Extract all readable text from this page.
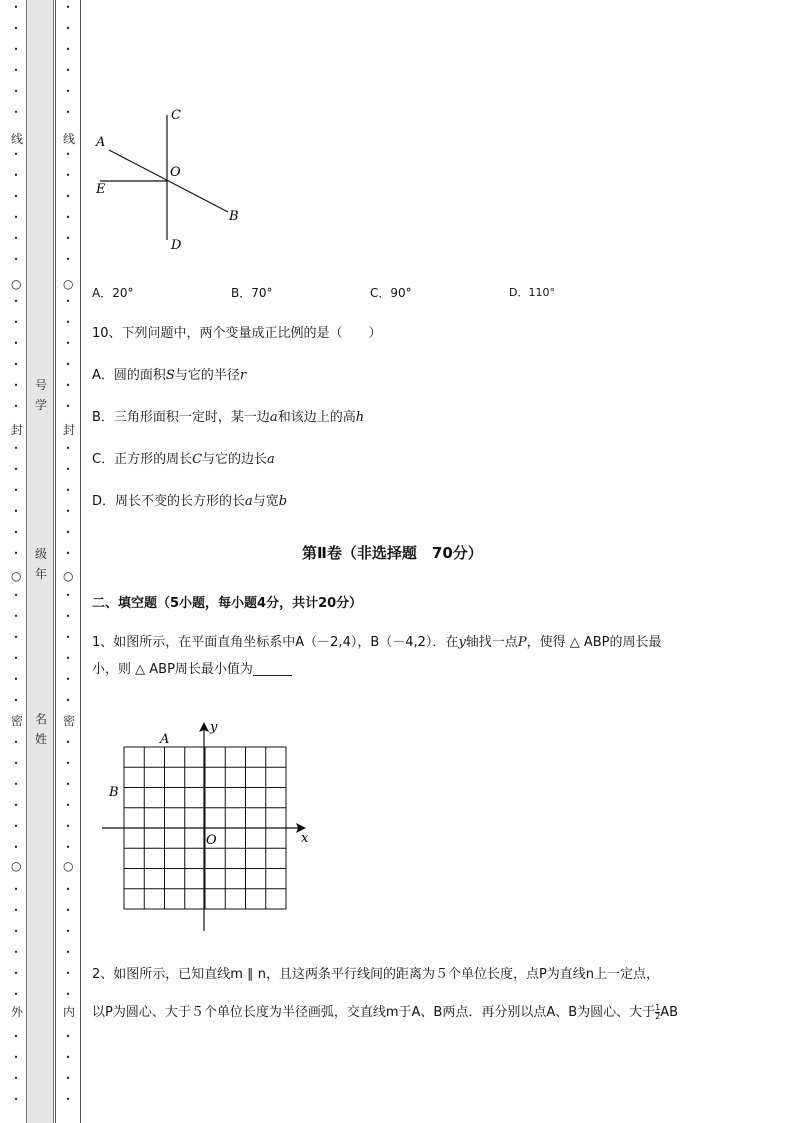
•
•
•
•
•
•
线
•
•
•
•
•
•
○
•
•
•
•
•
•
封
•
•
•
•
•
•
○
•
•
•
•
•
•
密
•
•
•
•
•
•
○
•
•
•
•
•
•
外
•
•
•
•
•
•
•
•
•
•
线
•
•
•
•
•
•
○
•
•
•
•
•
•
封
•
•
•
•
•
•
○
•
•
•
•
•
•
密
•
•
•
•
•
•
○
•
•
•
•
•
•
内
•
•
•
•
号
学
级
年
名
姓
C
A
O
E
B
D
A．20°	B．70°	C．90°	D．110°
10、下列问题中，两个变量成正比例的是（　　）
A．圆的面积S与它的半径r
B．三角形面积一定时，某一边a和该边上的高h
C．正方形的周长C与它的边长a
D．周长不变的长方形的长a与宽b
第Ⅱ卷（非选择题　70分）
二、填空题（5小题，每小题4分，共计20分）
1、如图所示，在平面直角坐标系中A（－2,4），B（－4,2）．在y轴找一点P，使得 △ ABP的周长最
小，则 △ ABP周长最小值为______
y
x
O
A
B
2、如图所示，已知直线m ∥ n，且这两条平行线间的距离为５个单位长度，点P为直线n上一定点，
以P为圆心、大于５个单位长度为半径画弧，交直线m于A、B两点．再分别以点A、B为圆心、大于 $\frac{1}{2}$ AB
